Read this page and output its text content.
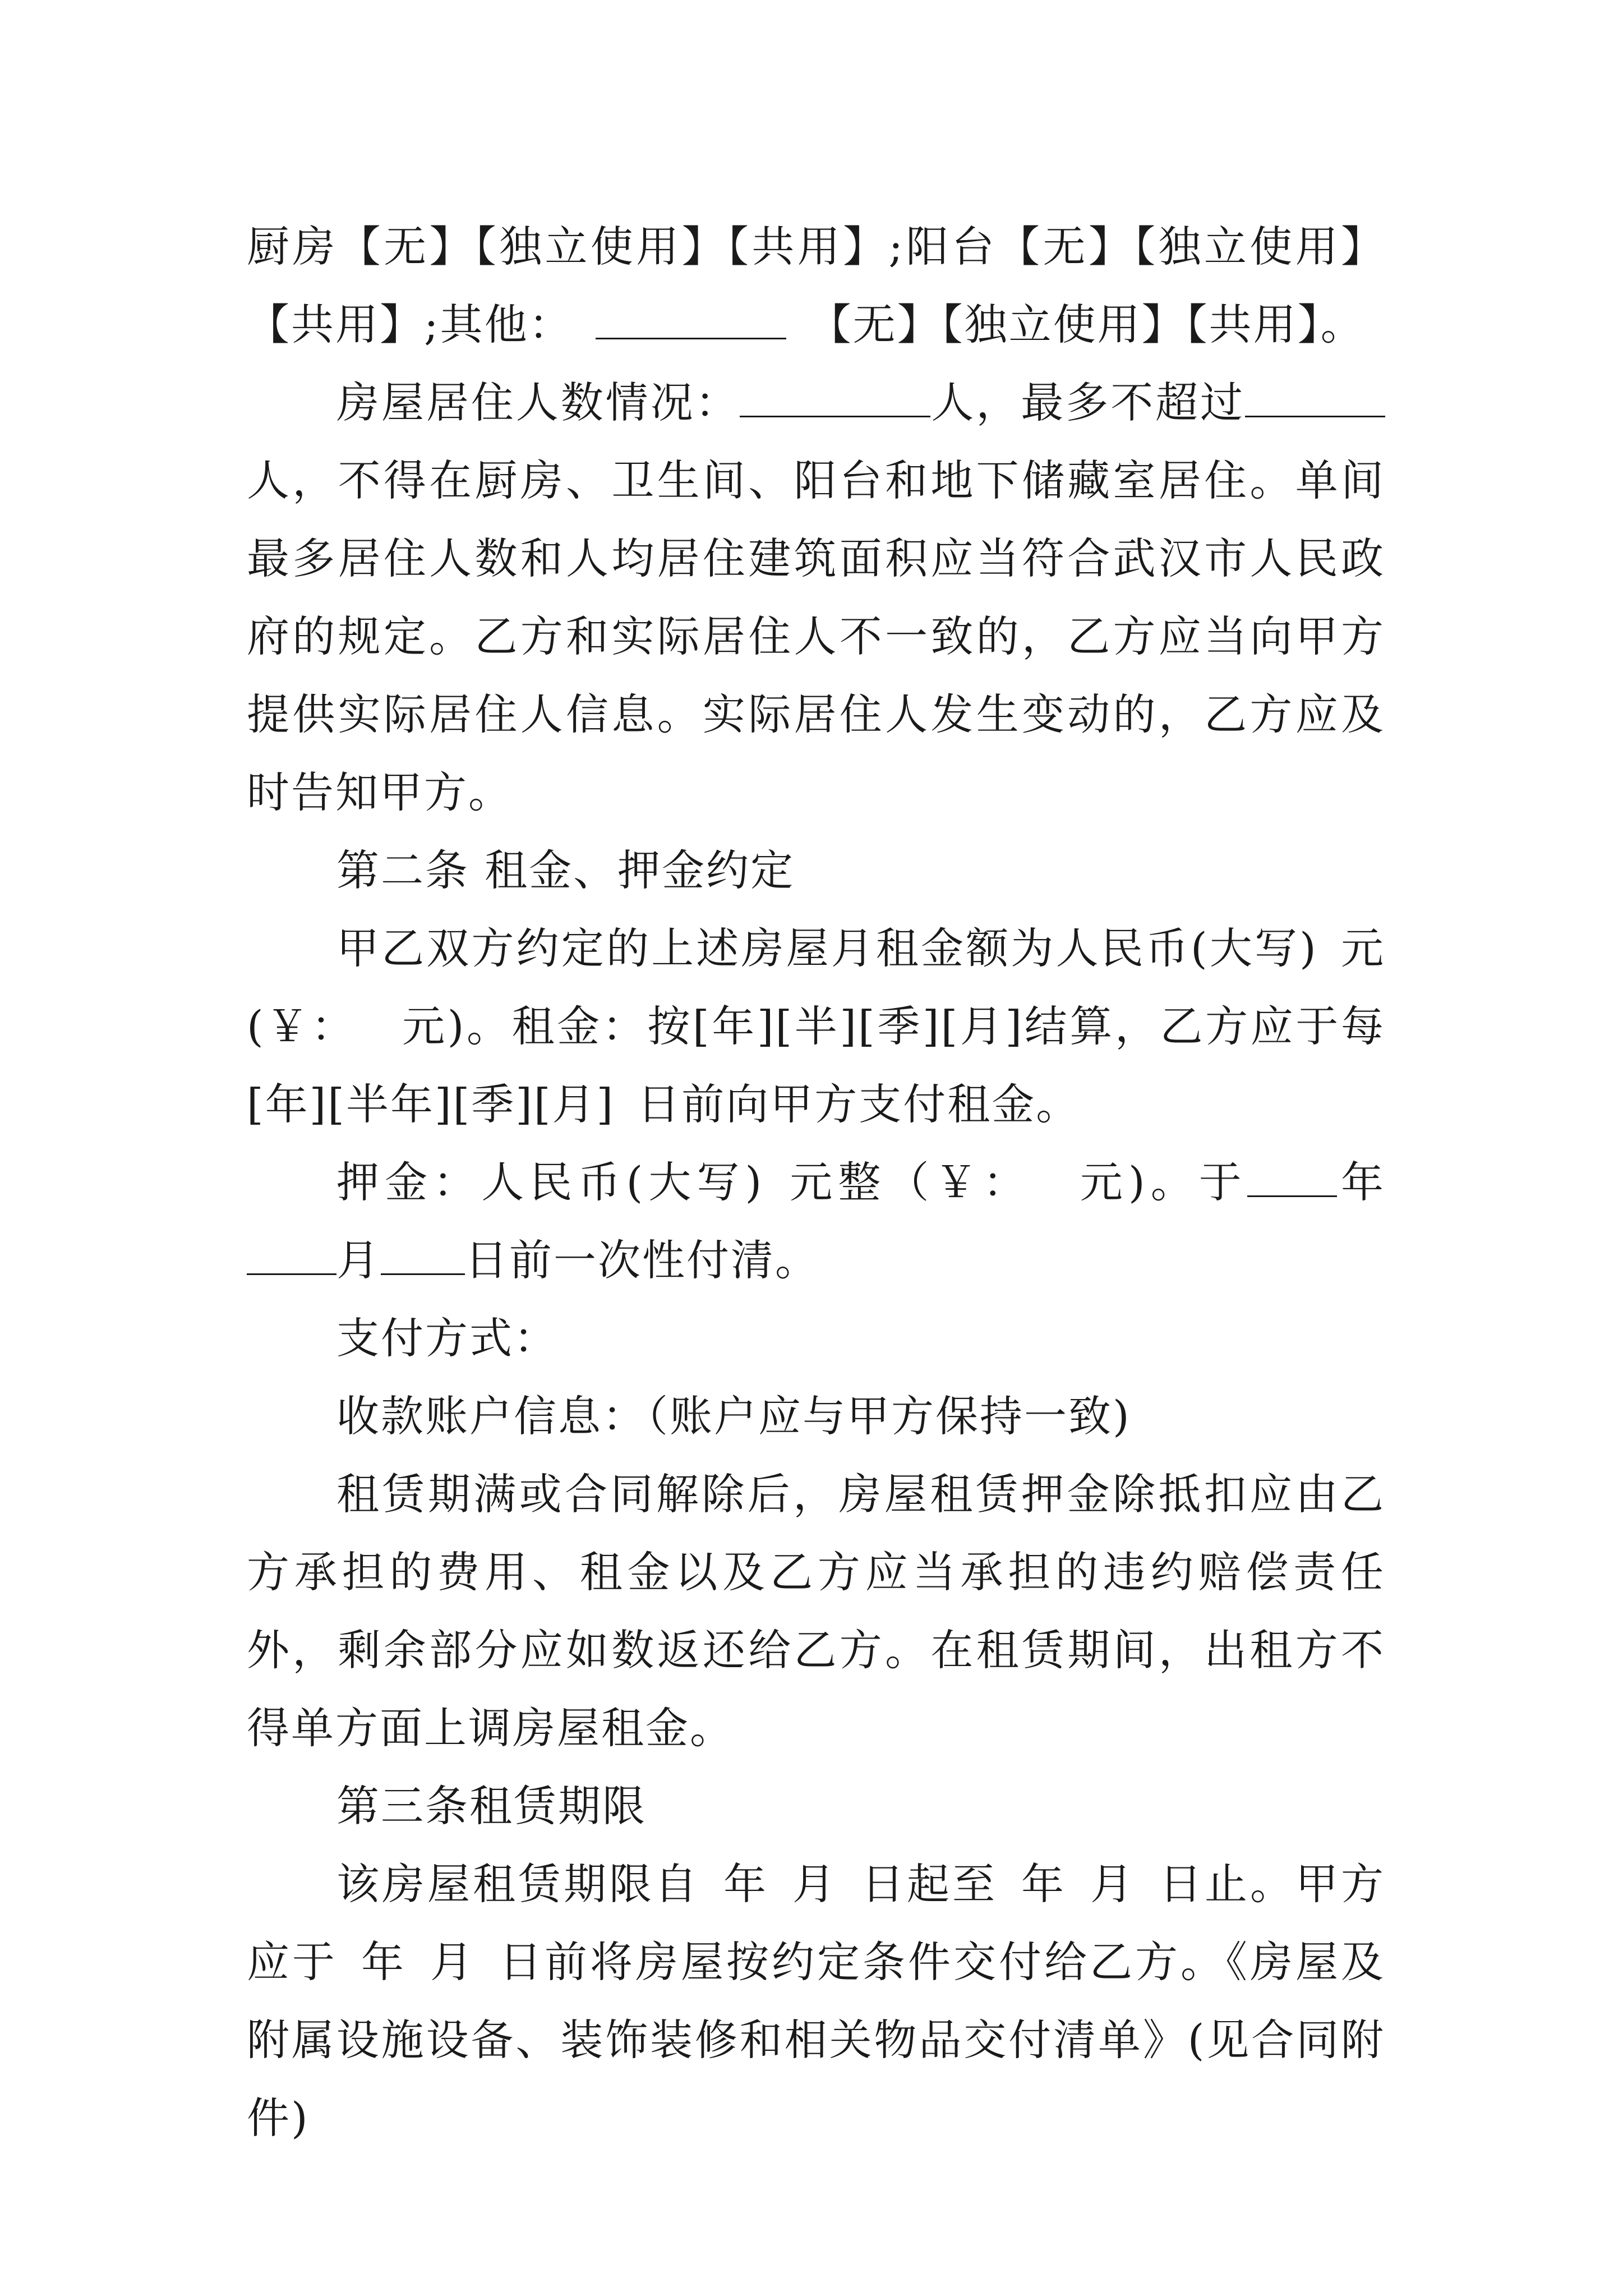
厨房【无】【独立使用】【共用】;阳台【无】【独立使用】【共用】;其他：	【无】【独立使用】【共用】。

房屋居住人数情况：	人，最多不超过人，不得在厨房、卫生间、阳台和地下储藏室居住。单间最多居住人数和人均居住建筑面积应当符合武汉市人民政府的规定。乙方和实际居住人不一致的，乙方应当向甲方提供实际居住人信息。实际居住人发生变动的，乙方应及时告知甲方。

第二条 租金、押金约定

甲乙双方约定的上述房屋月租金额为人民币(大写) 元(￥： 元)。租金：按[年][半][季][月]结算，乙方应于每[年][半年][季][月] 日前向甲方支付租金。

押金：人民币(大写) 元整（￥： 元)。于 年月 日前一次性付清。

支付方式：

收款账户信息：（账户应与甲方保持一致)

租赁期满或合同解除后，房屋租赁押金除抵扣应由乙方承担的费用、租金以及乙方应当承担的违约赔偿责任外，剩余部分应如数返还给乙方。在租赁期间，出租方不得单方面上调房屋租金。

第三条租赁期限

该房屋租赁期限自 年 月 日起至 年 月 日止。甲方应于 年 月 日前将房屋按约定条件交付给乙方。《房屋及附属设施设备、装饰装修和相关物品交付清单》(见合同附件)
